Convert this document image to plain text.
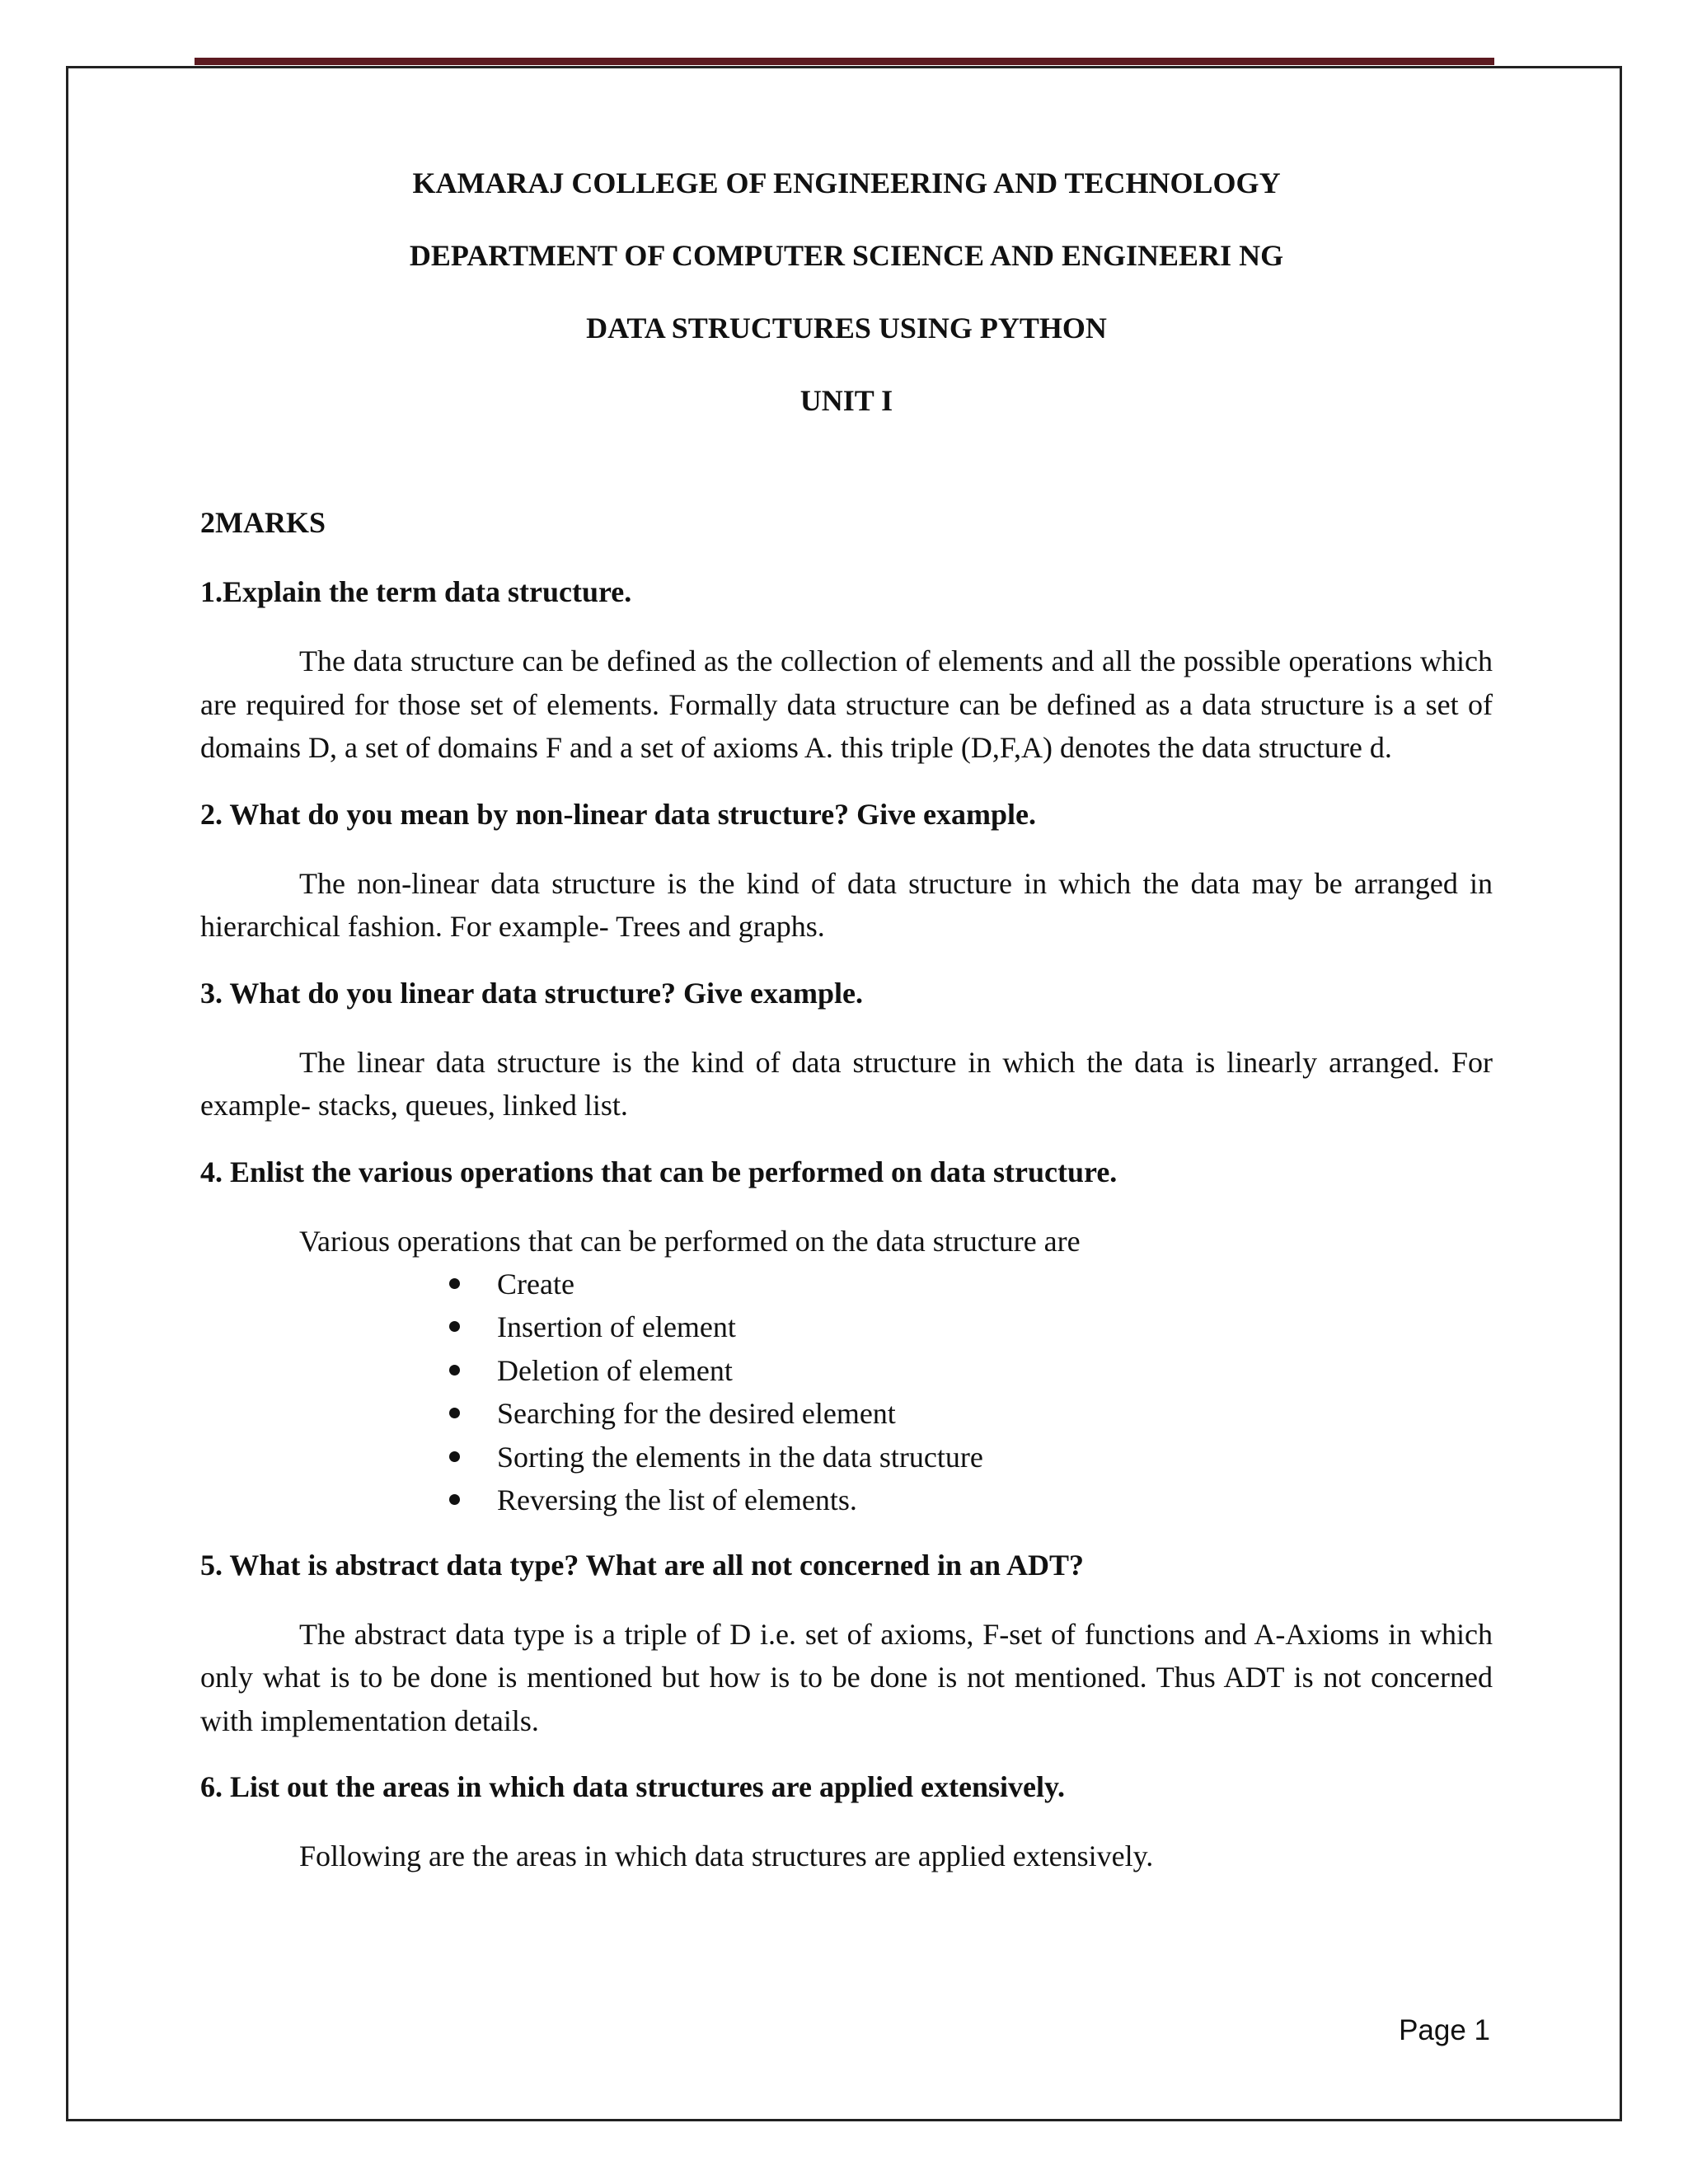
KAMARAJ COLLEGE OF ENGINEERING AND TECHNOLOGY
DEPARTMENT OF COMPUTER SCIENCE AND ENGINEERI NG
DATA STRUCTURES USING PYTHON
UNIT I
2MARKS
1.Explain the term data structure.

The data structure can be defined as the collection of elements and all the possible operations which are required for those set of elements. Formally data structure can be defined as a data structure is a set of domains D, a set of domains F and a set of axioms A. this triple (D,F,A) denotes the data structure d.

2. What do you mean by non-linear data structure? Give example.

The non-linear data structure is the kind of data structure in which the data may be arranged in hierarchical fashion. For example- Trees and graphs.

3. What do you linear data structure? Give example.

The linear data structure is the kind of data structure in which the data is linearly arranged. For example- stacks, queues, linked list.

4. Enlist the various operations that can be performed on data structure.

Various operations that can be performed on the data structure are

Create
Insertion of element
Deletion of element
Searching for the desired element
Sorting the elements in the data structure
Reversing the list of elements.
5. What is abstract data type? What are all not concerned in an ADT?

The abstract data type is a triple of D i.e. set of axioms, F-set of functions and A-Axioms in which only what is to be done is mentioned but how is to be done is not mentioned. Thus ADT is not concerned with implementation details.

6. List out the areas in which data structures are applied extensively.

Following are the areas in which data structures are applied extensively.

Page 1
